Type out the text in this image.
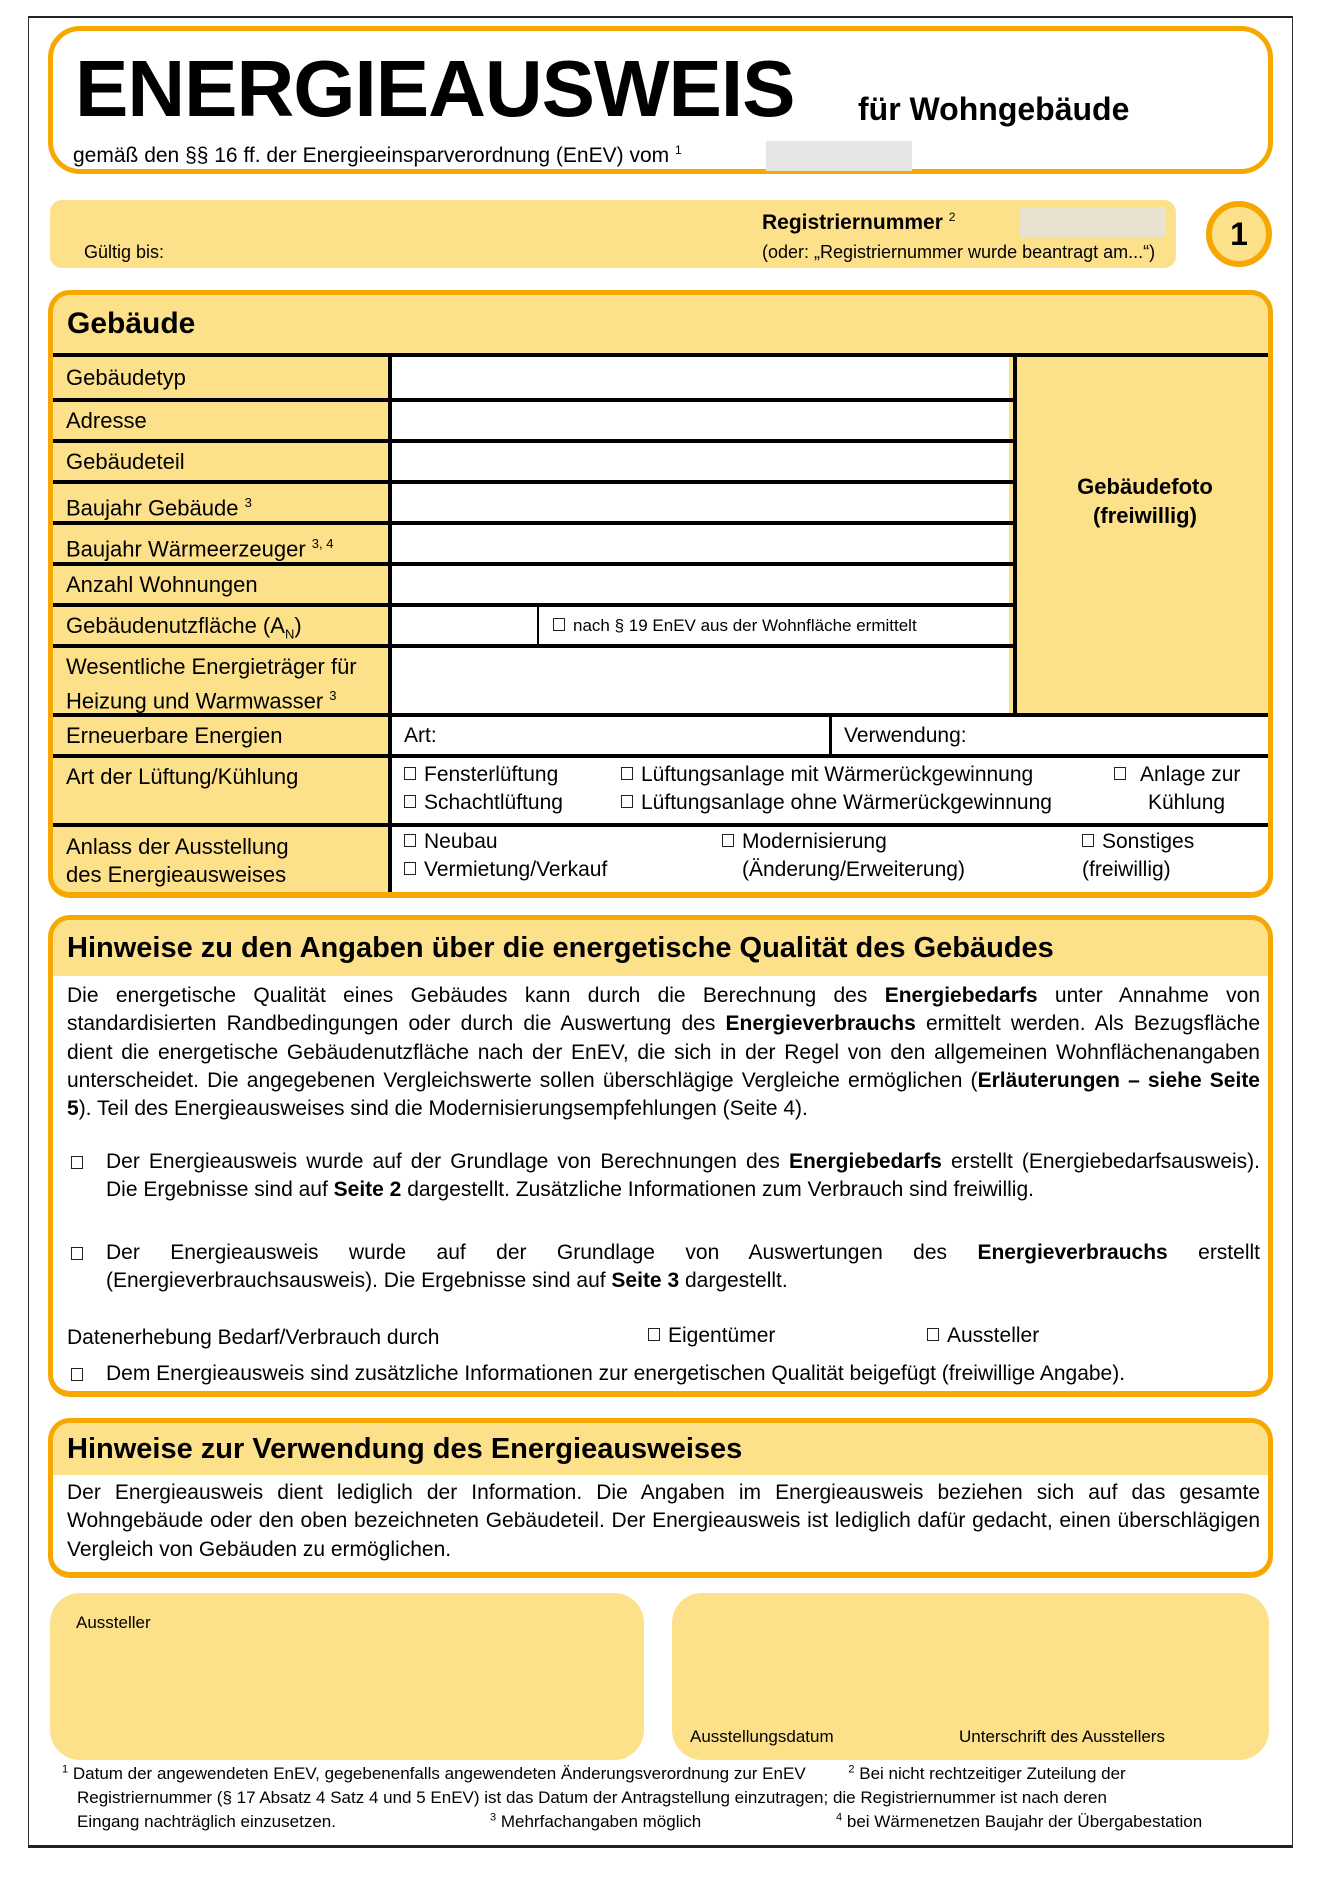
ENERGIEAUSWEIS für Wohngebäude
gemäß den §§ 16 ff. der Energieeinsparverordnung (EnEV) vom $^1$
Gültig bis:
Registriernummer $^2$
(oder: „Registriernummer wurde beantragt am...“)
1
Gebäude
Gebäudetyp
Adresse
Gebäudeteil
Baujahr Gebäude $^3$
Baujahr Wärmeerzeuger $^{3, 4}$
Anzahl Wohnungen
Gebäudenutzfläche $(A_N)$	nach § 19 EnEV aus der Wohnfläche ermittelt
Wesentliche Energieträger für
Heizung und Warmwasser $^3$
Gebäudefoto
(freiwillig)
Erneuerbare Energien	Art:	Verwendung:
Art der Lüftung/Kühlung	Fensterlüftung
Schachtlüftung
Lüftungsanlage mit Wärmerückgewinnung
Lüftungsanlage ohne Wärmerückgewinnung
Anlage zur
Kühlung
Anlass der Ausstellung
des Energieausweises
Neubau
Vermietung/Verkauf
Modernisierung
(Änderung/Erweiterung)
Sonstiges
(freiwillig)
Hinweise zu den Angaben über die energetische Qualität des Gebäudes
Die energetische Qualität eines Gebäudes kann durch die Berechnung des Energiebedarfs unter Annahme von standardisierten Randbedingungen oder durch die Auswertung des Energieverbrauchs ermittelt werden. Als Bezugsfläche dient die energetische Gebäudenutzfläche nach der EnEV, die sich in der Regel von den allgemeinen Wohnflächenangaben unterscheidet. Die angegebenen Vergleichswerte sollen überschlägige Vergleiche ermöglichen (Erläuterungen – siehe Seite 5). Teil des Energieausweises sind die Modernisierungsempfehlungen (Seite 4).
Der Energieausweis wurde auf der Grundlage von Berechnungen des Energiebedarfs erstellt (Energiebedarfsausweis). Die Ergebnisse sind auf Seite 2 dargestellt. Zusätzliche Informationen zum Verbrauch sind freiwillig.
Der Energieausweis wurde auf der Grundlage von Auswertungen des Energieverbrauchs erstellt (Energieverbrauchsausweis). Die Ergebnisse sind auf Seite 3 dargestellt.
Datenerhebung Bedarf/Verbrauch durch	Eigentümer	Aussteller
Dem Energieausweis sind zusätzliche Informationen zur energetischen Qualität beigefügt (freiwillige Angabe).
Hinweise zur Verwendung des Energieausweises
Der Energieausweis dient lediglich der Information. Die Angaben im Energieausweis beziehen sich auf das gesamte Wohngebäude oder den oben bezeichneten Gebäudeteil. Der Energieausweis ist lediglich dafür gedacht, einen überschlägigen Vergleich von Gebäuden zu ermöglichen.
Aussteller
Ausstellungsdatum	Unterschrift des Ausstellers
$^1$ Datum der angewendeten EnEV, gegebenenfalls angewendeten Änderungsverordnung zur EnEV	$^2$ Bei nicht rechtzeitiger Zuteilung der
Registriernummer (§ 17 Absatz 4 Satz 4 und 5 EnEV) ist das Datum der Antragstellung einzutragen; die Registriernummer ist nach deren
Eingang nachträglich einzusetzen.	$^3$ Mehrfachangaben möglich	$^4$ bei Wärmenetzen Baujahr der Übergabestation
